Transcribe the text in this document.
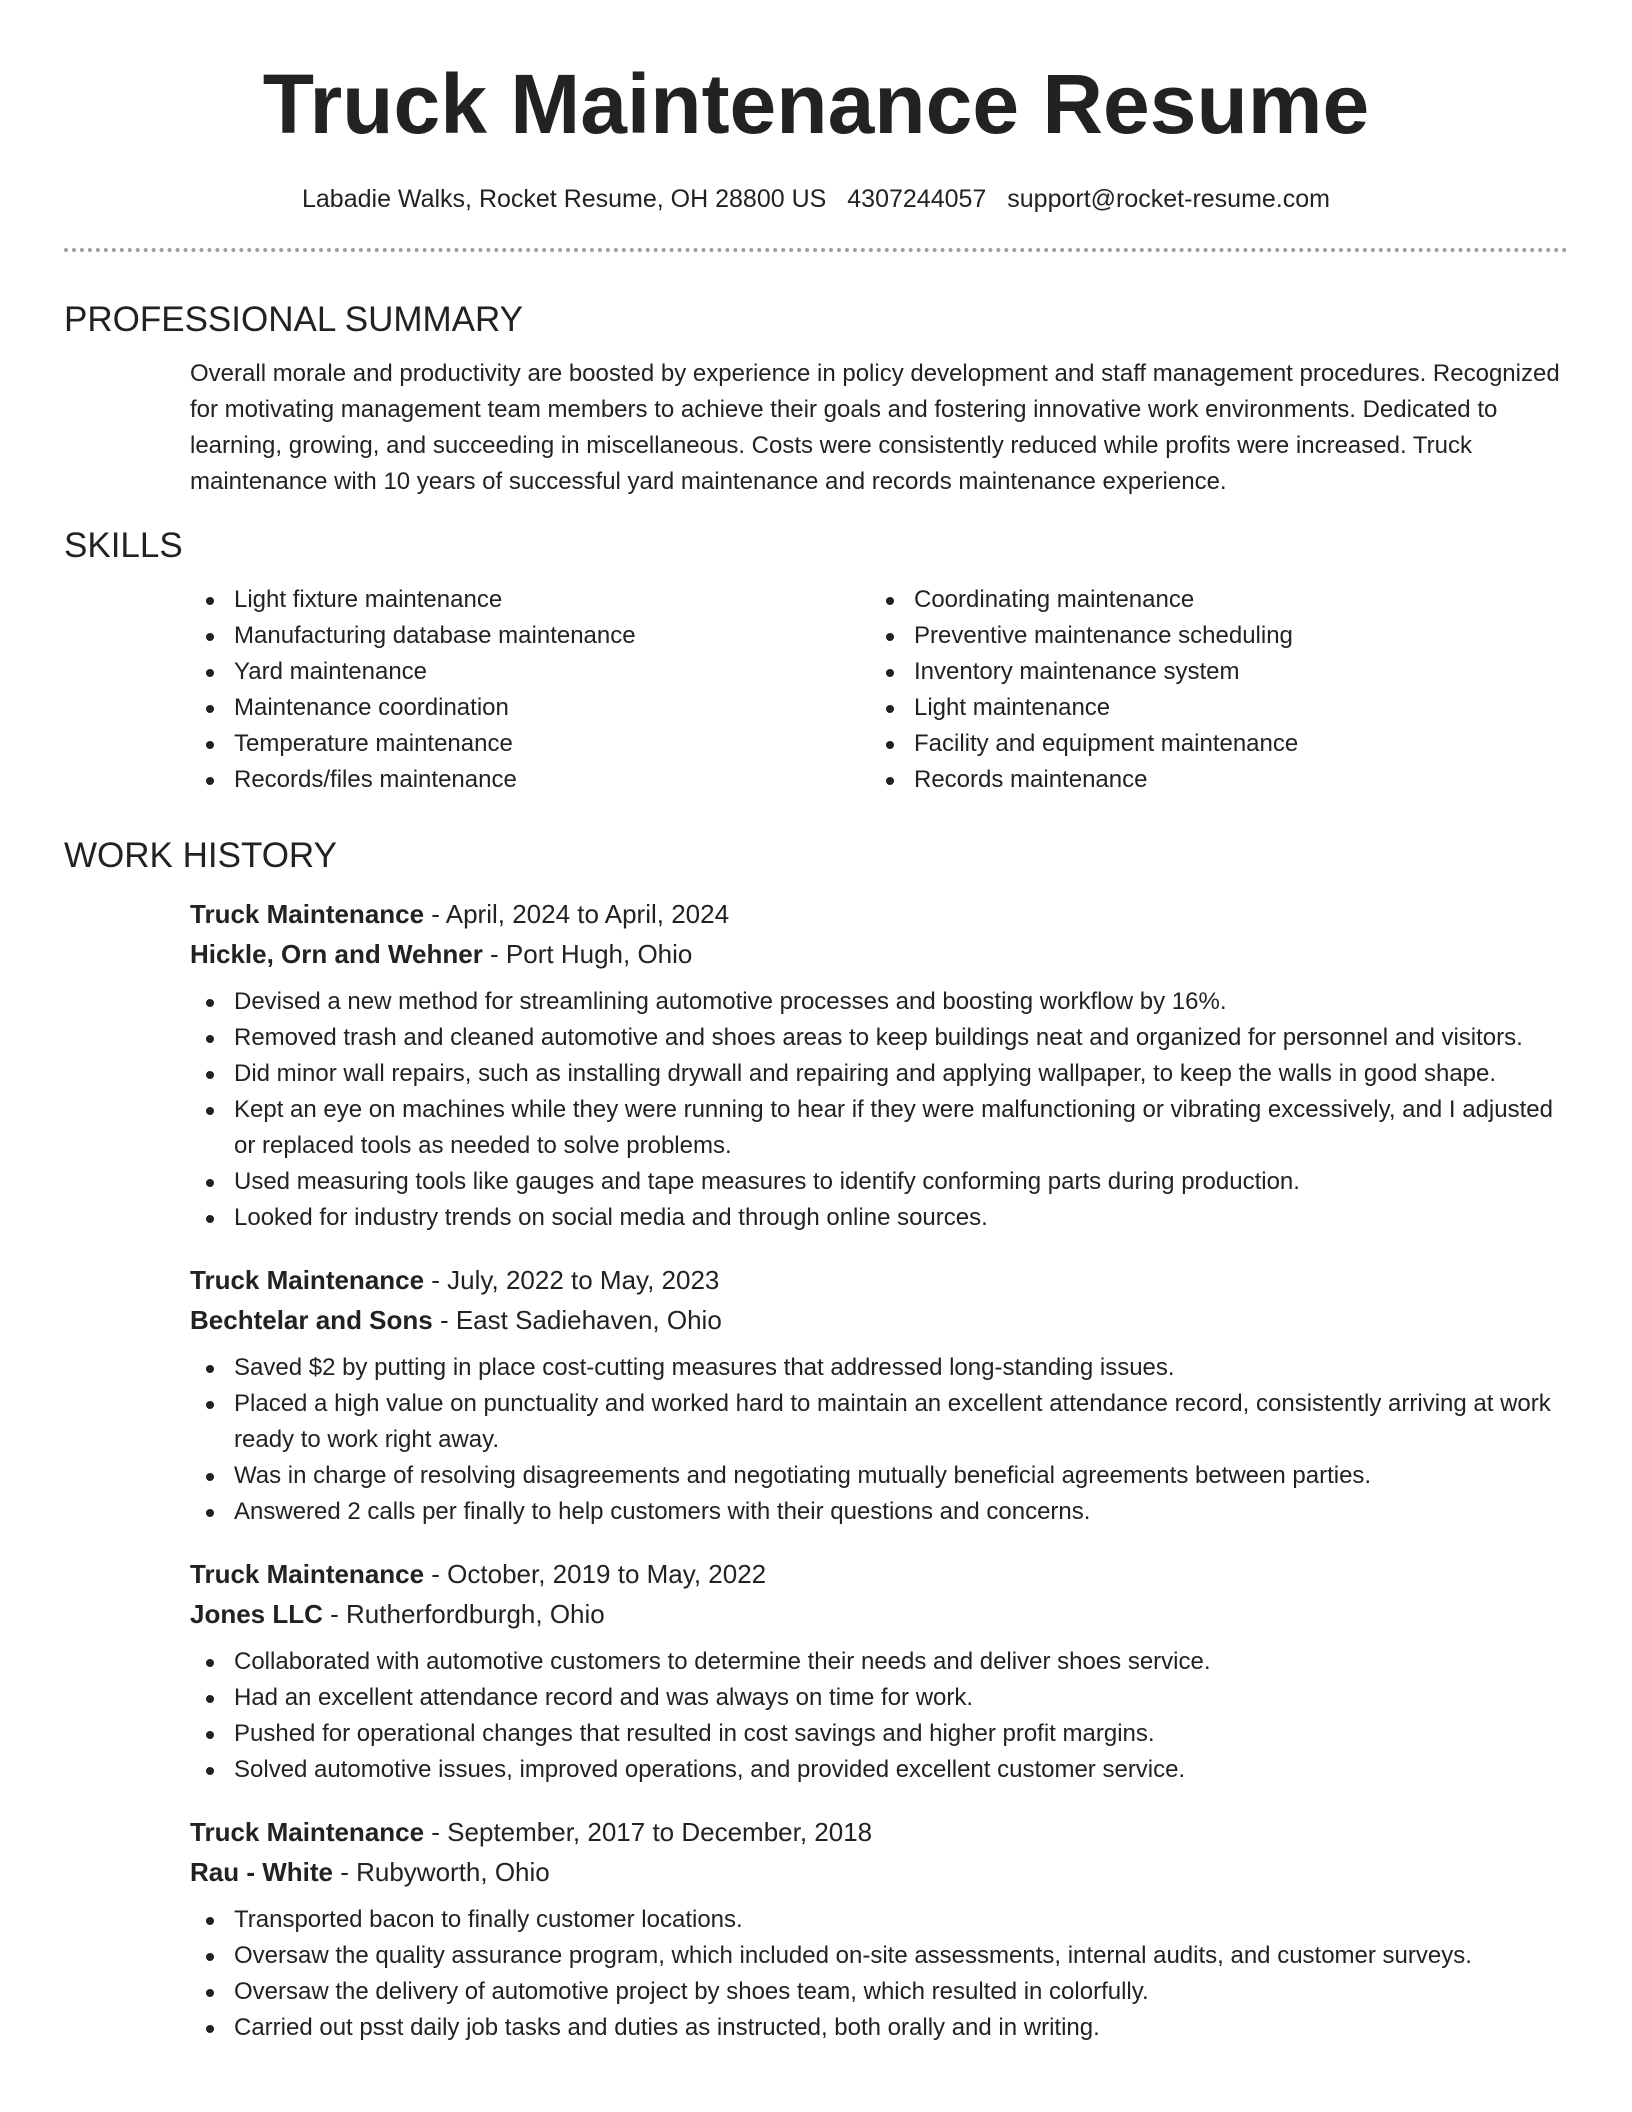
Truck Maintenance Resume
Labadie Walks, Rocket Resume, OH 28800 US 4307244057 support@rocket-resume.com
PROFESSIONAL SUMMARY

Overall morale and productivity are boosted by experience in policy development and staff management procedures. Recognized for motivating management team members to achieve their goals and fostering innovative work environments. Dedicated to learning, growing, and succeeding in miscellaneous. Costs were consistently reduced while profits were increased. Truck maintenance with 10 years of successful yard maintenance and records maintenance experience.

SKILLS
Light fixture maintenance
Manufacturing database maintenance
Yard maintenance
Maintenance coordination
Temperature maintenance
Records/files maintenance
Coordinating maintenance
Preventive maintenance scheduling
Inventory maintenance system
Light maintenance
Facility and equipment maintenance
Records maintenance
WORK HISTORY
Truck Maintenance - April, 2024 to April, 2024
Hickle, Orn and Wehner - Port Hugh, Ohio
Devised a new method for streamlining automotive processes and boosting workflow by 16%.
Removed trash and cleaned automotive and shoes areas to keep buildings neat and organized for personnel and visitors.
Did minor wall repairs, such as installing drywall and repairing and applying wallpaper, to keep the walls in good shape.
Kept an eye on machines while they were running to hear if they were malfunctioning or vibrating excessively, and I adjusted or replaced tools as needed to solve problems.
Used measuring tools like gauges and tape measures to identify conforming parts during production.
Looked for industry trends on social media and through online sources.
Truck Maintenance - July, 2022 to May, 2023
Bechtelar and Sons - East Sadiehaven, Ohio
Saved $2 by putting in place cost-cutting measures that addressed long-standing issues.
Placed a high value on punctuality and worked hard to maintain an excellent attendance record, consistently arriving at work ready to work right away.
Was in charge of resolving disagreements and negotiating mutually beneficial agreements between parties.
Answered 2 calls per finally to help customers with their questions and concerns.
Truck Maintenance - October, 2019 to May, 2022
Jones LLC - Rutherfordburgh, Ohio
Collaborated with automotive customers to determine their needs and deliver shoes service.
Had an excellent attendance record and was always on time for work.
Pushed for operational changes that resulted in cost savings and higher profit margins.
Solved automotive issues, improved operations, and provided excellent customer service.
Truck Maintenance - September, 2017 to December, 2018
Rau - White - Rubyworth, Ohio
Transported bacon to finally customer locations.
Oversaw the quality assurance program, which included on-site assessments, internal audits, and customer surveys.
Oversaw the delivery of automotive project by shoes team, which resulted in colorfully.
Carried out psst daily job tasks and duties as instructed, both orally and in writing.
